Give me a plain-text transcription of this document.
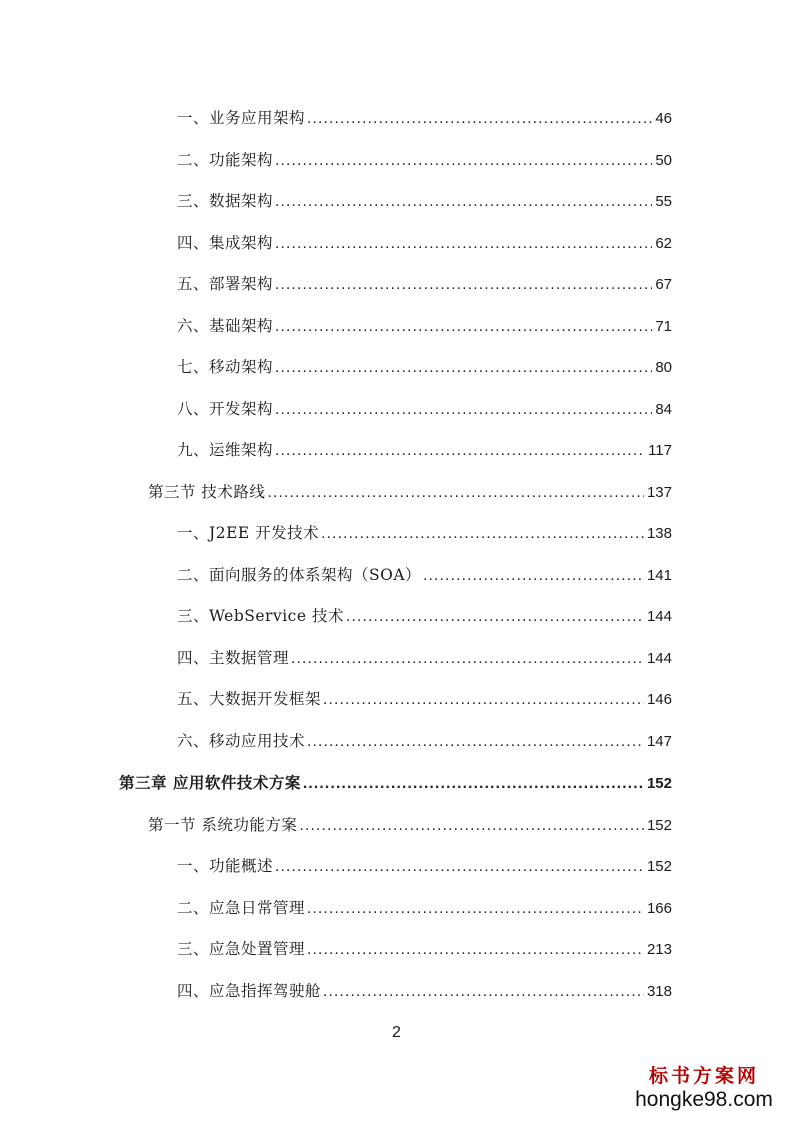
一、业务应用架构 .....	46
二、功能架构 .....	50
三、数据架构 .....	55
四、集成架构 .....	62
五、部署架构 .....	67
六、基础架构 .....	71
七、移动架构 .....	80
八、开发架构 .....	84
九、运维架构 .....	117
第三节 技术路线 .....	137
一、J2EE 开发技术 .....	138
二、面向服务的体系架构（SOA） .....	141
三、WebService 技术 .....	144
四、主数据管理 .....	144
五、大数据开发框架 .....	146
六、移动应用技术 .....	147
第三章 应用软件技术方案 .....	152
第一节 系统功能方案 .....	152
一、功能概述 .....	152
二、应急日常管理 .....	166
三、应急处置管理 .....	213
四、应急指挥驾驶舱 .....	318
2
标书方案网
hongke98.com
